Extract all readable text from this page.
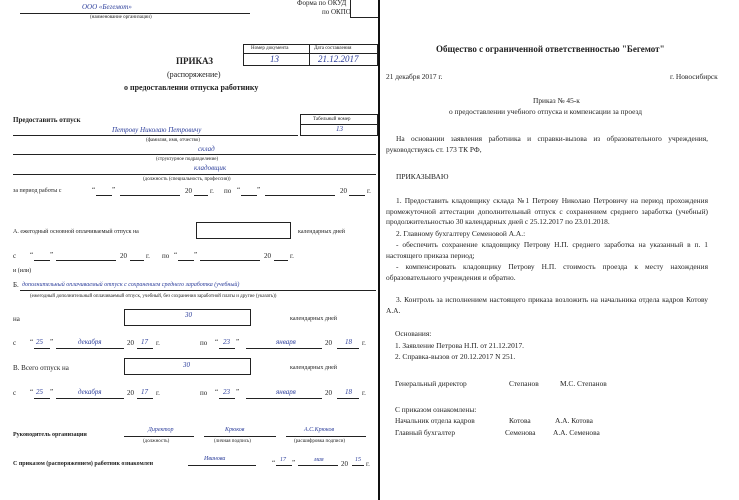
Форма по ОКУД
по ОКПО
ООО «Бегемот»
(наименование организации)
Номер документа	Дата составления
13	21.12.2017
ПРИКАЗ
(распоряжение)
о предоставлении отпуска работнику
Предоставить отпуск	Табельный номер
13
Петрову Николаю Петровичу
(фамилия, имя, отчество)
склад
(структурное подразделение)
кладовщик
(должность (специальность, профессия))
за период работы с	“ ”	20	г. по “ ”	20	г.
А. ежегодный основной оплачиваемый отпуск на	календарных дней
с “ ”	20	г. по “ ”	20	г.
и (или)
Б. дополнительный оплачиваемый отпуск с сохранением среднего заработка (учебный)
(ежегодный дополнительный оплачиваемый отпуск, учебный, без сохранения заработной платы и другие (указать))
на	30	календарных дней
с “ 25 ”	декабря	20 17 г.	по “ 23 ”	января	20 18 г.
В. Всего отпуск на	30	календарных дней
с “ 25 ”	декабря	20 17 г.	по “ 23 ”	января	20 18 г.
Руководитель организации
Директор
(должность)
Крюков
(личная подпись)
А.С.Крюков
(расшифровка подписи)
С приказом (распоряжением) работник ознакомлен
Иванова	“ 17 ”	мая 20 15 г.
Общество с ограниченной ответственностью "Бегемот"
21 декабря 2017 г.	г. Новосибирск
Приказ № 45-к
о предоставлении учебного отпуска и компенсации за проезд
На основании заявления работника и справки-вызова из образовательного учреждения, руководствуясь ст. 173 ТК РФ,
ПРИКАЗЫВАЮ
1. Предоставить кладовщику склада №1 Петрову Николаю Петровичу на период прохождения промежуточной аттестации дополнительный отпуск с сохранением среднего заработка (учебный) продолжительностью 30 календарных дней с 25.12.2017 по 23.01.2018.
2. Главному бухгалтеру Семеновой А.А.:
- обеспечить сохранение кладовщику Петрову Н.П. среднего заработка на указанный в п. 1 настоящего приказа период;
- компенсировать кладовщику Петрову Н.П. стоимость проезда к месту нахождения образовательного учреждения и обратно.
3. Контроль за исполнением настоящего приказа возложить на начальника отдела кадров Котову А.А.
Основания:
1. Заявление Петрова Н.П. от 21.12.2017.
2. Справка-вызов от 20.12.2017 N 251.
Генеральный директор	Степанов	М.С. Степанов
С приказом ознакомлены:
Начальник отдела кадров	Котова	А.А. Котова
Главный бухгалтер	Семенова А.А. Семенова
